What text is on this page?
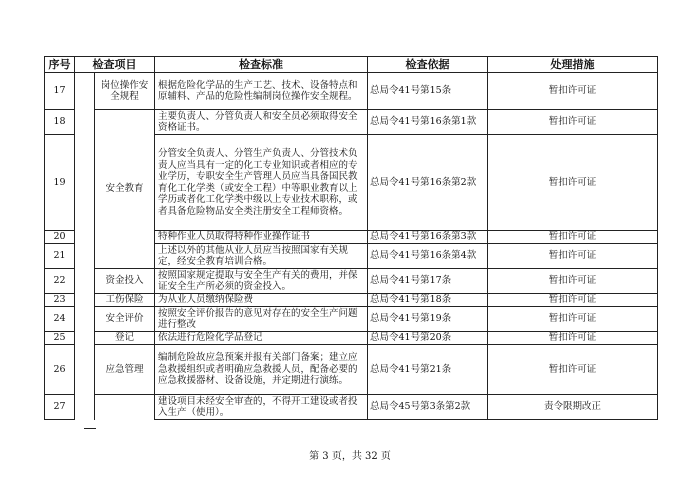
序号	检查项目		检查标准	检查依据	处理措施
17		岗位操作安全规程	根据危险化学品的生产工艺、技术、设备特点和原辅料、产品的危险性编制岗位操作安全规程。	总局令41号第15条	暂扣许可证
18		安全教育	主要负责人、分管负责人和安全员必须取得安全资格证书。	总局令41号第16条第1款	暂扣许可证
19			分管安全负责人、分管生产负责人、分管技术负责人应当具有一定的化工专业知识或者相应的专业学历，专职安全生产管理人员应当具备国民教育化工化学类（或安全工程）中等职业教育以上学历或者化工化学类中级以上专业技术职称，或者具备危险物品安全类注册安全工程师资格。	总局令41号第16条第2款	暂扣许可证
20			特种作业人员取得特种作业操作证书	总局令41号第16条第3款	暂扣许可证
21			上述以外的其他从业人员应当按照国家有关规定，经安全教育培训合格。	总局令41号第16条第4款	暂扣许可证
22		资金投入	按照国家规定提取与安全生产有关的费用，并保证安全生产所必须的资金投入。	总局令41号第17条	暂扣许可证
23		工伤保险	为从业人员缴纳保险费	总局令41号第18条	暂扣许可证
24		安全评价	按照安全评价报告的意见对存在的安全生产问题进行整改	总局令41号第19条	暂扣许可证
25		登记	依法进行危险化学品登记	总局令41号第20条	暂扣许可证
26		应急管理	编制危险故应急预案并报有关部门备案；建立应急救援组织或者明确应急救援人员，配备必要的应急救援器材、设备设施，并定期进行演练。	总局令41号第21条	暂扣许可证
27			建设项目未经安全审查的，不得开工建设或者投入生产（使用）。	总局令45号第3条第2款	责令限期改正
第 3 页，共 32 页
